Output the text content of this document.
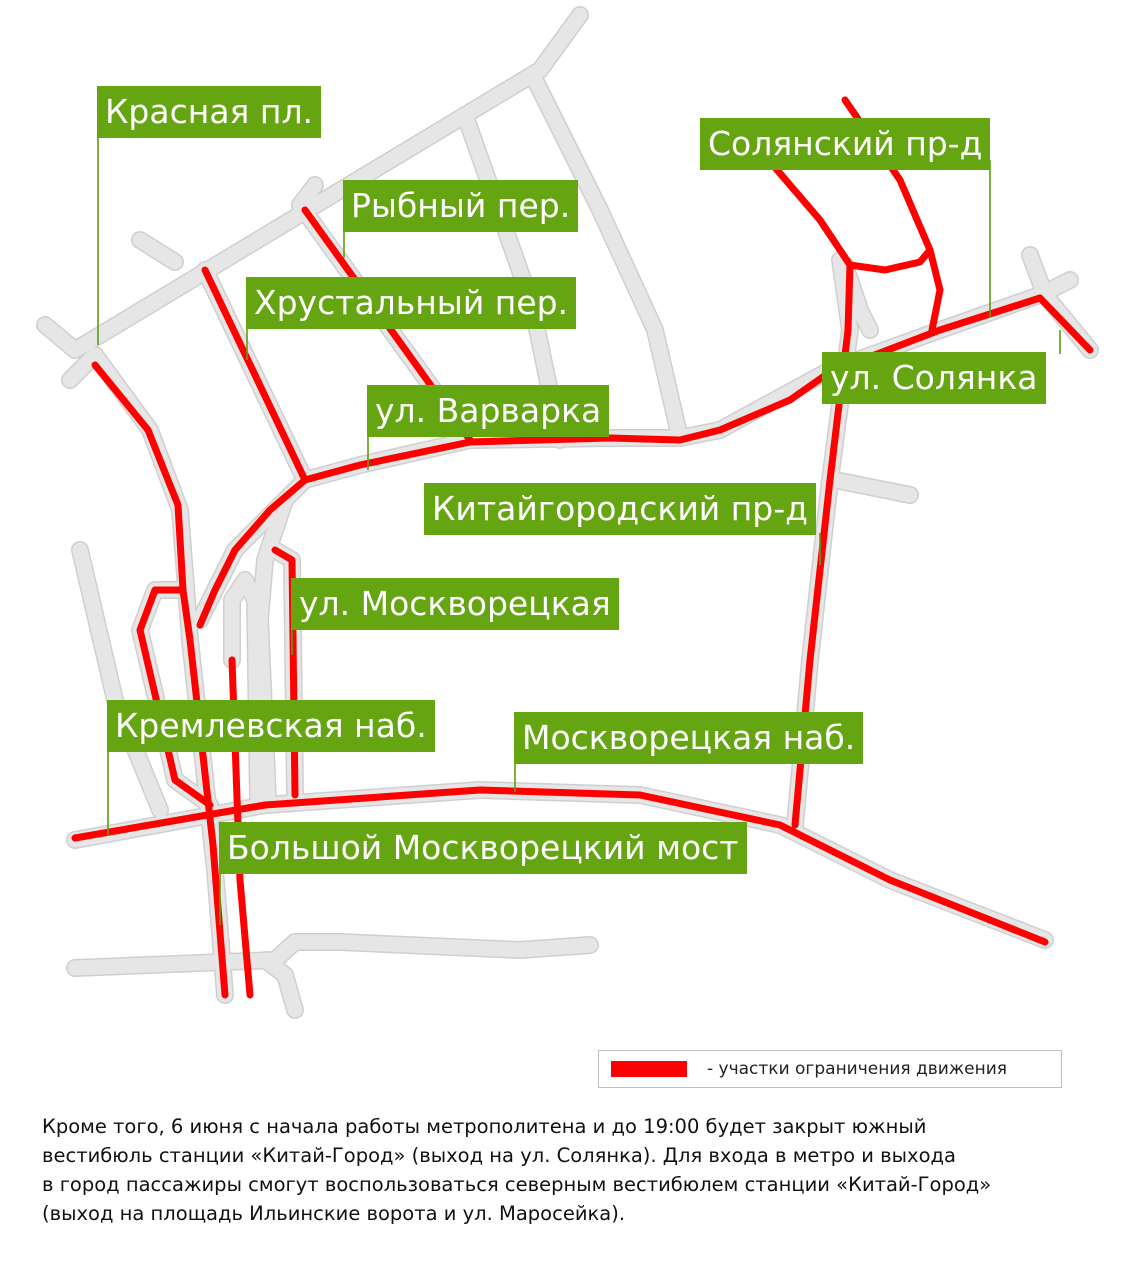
Красная пл.
Рыбный пер.
Хрустальный пер.
ул. Варварка
Солянский пр-д
ул. Солянка
Китайгородский пр-д
ул. Москворецкая
Кремлевская наб.	Москворецкая наб.
Большой Москворецкий мост
- участки ограничения движения
Кроме того, 6 июня с начала работы метрополитена и до 19:00 будет закрыт южный
вестибюль станции «Китай-Город» (выход на ул. Солянка). Для входа в метро и выхода
в город пассажиры смогут воспользоваться северным вестибюлем станции «Китай-Город»
(выход на площадь Ильинские ворота и ул. Маросейка).
